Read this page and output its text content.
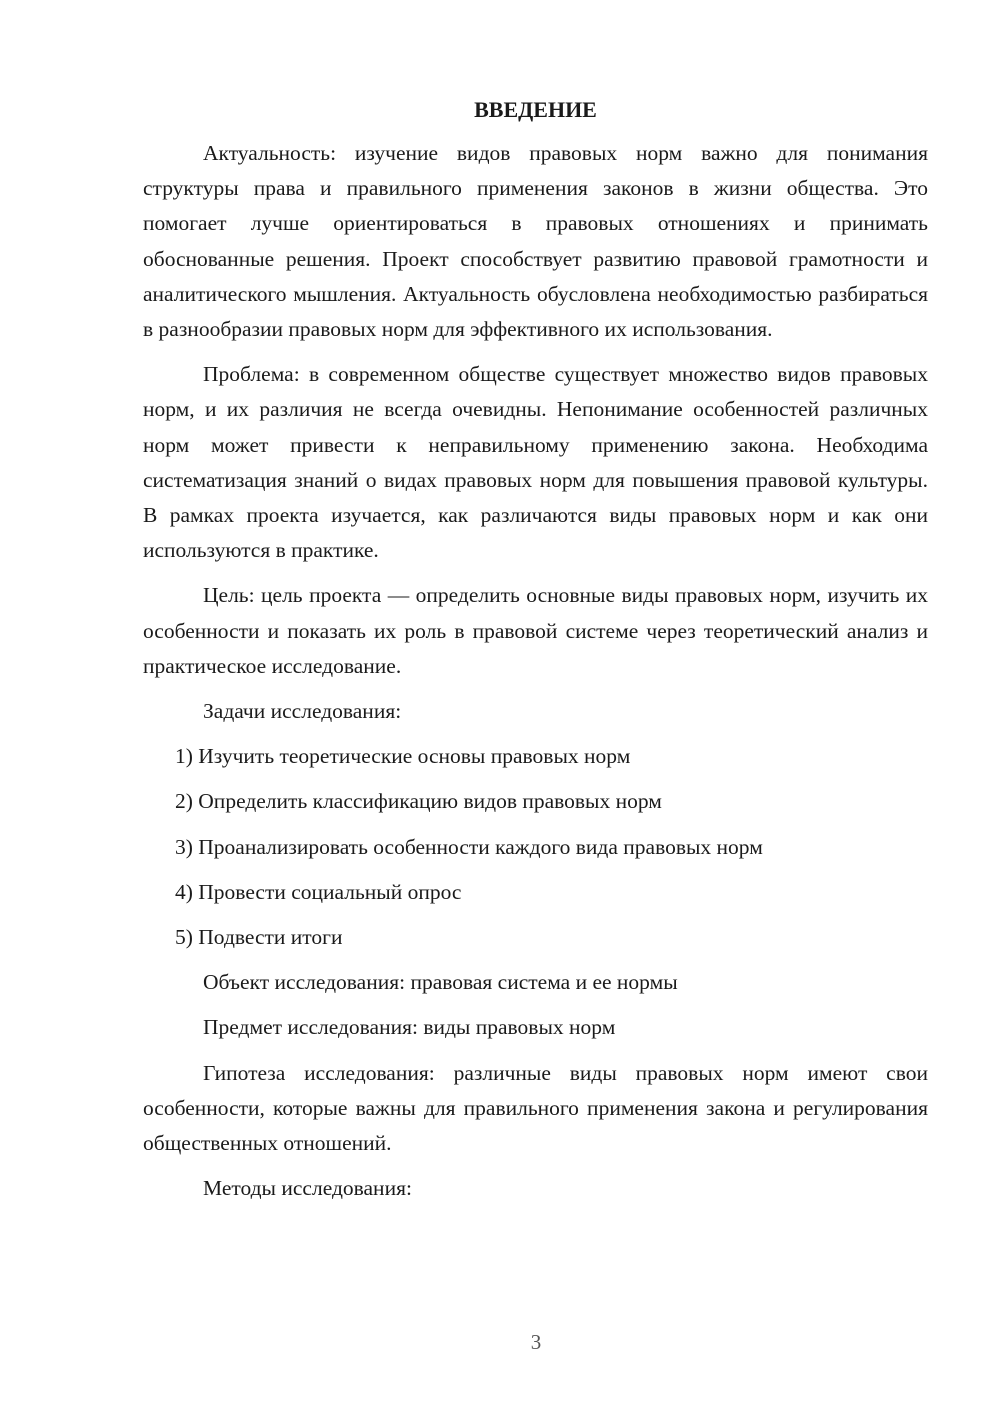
ВВЕДЕНИЕ

Актуальность: изучение видов правовых норм важно для понимания структуры права и правильного применения законов в жизни общества. Это помогает лучше ориентироваться в правовых отношениях и принимать обоснованные решения. Проект способствует развитию правовой грамотности и аналитического мышления. Актуальность обусловлена необходимостью разбираться в разнообразии правовых норм для эффективного их использования.

Проблема: в современном обществе существует множество видов правовых норм, и их различия не всегда очевидны. Непонимание особенностей различных норм может привести к неправильному применению закона. Необходима систематизация знаний о видах правовых норм для повышения правовой культуры. В рамках проекта изучается, как различаются виды правовых норм и как они используются в практике.

Цель: цель проекта — определить основные виды правовых норм, изучить их особенности и показать их роль в правовой системе через теоретический анализ и практическое исследование.

Задачи исследования:

1) Изучить теоретические основы правовых норм

2) Определить классификацию видов правовых норм

3) Проанализировать особенности каждого вида правовых норм

4) Провести социальный опрос

5) Подвести итоги

Объект исследования: правовая система и ее нормы

Предмет исследования: виды правовых норм

Гипотеза исследования: различные виды правовых норм имеют свои особенности, которые важны для правильного применения закона и регулирования общественных отношений.

Методы исследования:

3
